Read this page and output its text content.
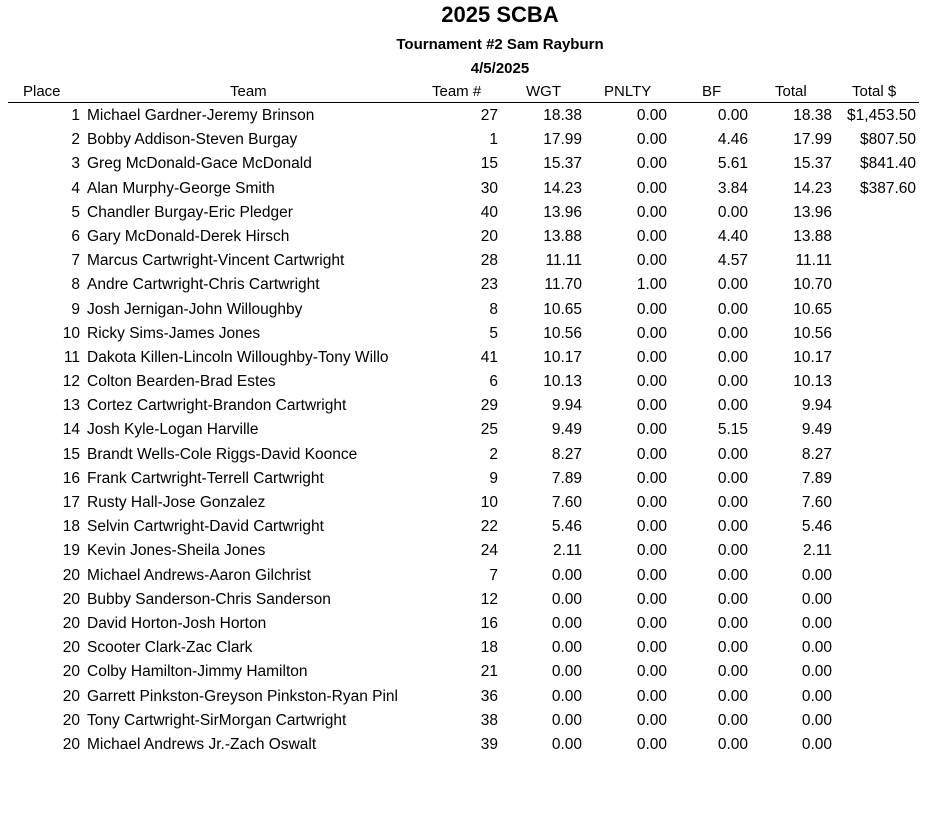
2025 SCBA
Tournament #2 Sam Rayburn
4/5/2025
Place	Team	Team #	WGT	PNLTY	BF	Total	Total $
1 Michael Gardner-Jeremy Brinson	27	18.38	0.00	0.00	18.38 $1,453.50
2 Bobby Addison-Steven Burgay	1	17.99	0.00	4.46	17.99	$807.50
3 Greg McDonald-Gace McDonald	15	15.37	0.00	5.61	15.37	$841.40
4 Alan Murphy-George Smith	30	14.23	0.00	3.84	14.23	$387.60
5 Chandler Burgay-Eric Pledger	40	13.96	0.00	0.00	13.96
6 Gary McDonald-Derek Hirsch	20	13.88	0.00	4.40	13.88
7 Marcus Cartwright-Vincent Cartwright	28	11.11	0.00	4.57	11.11
8 Andre Cartwright-Chris Cartwright	23	11.70	1.00	0.00	10.70
9 Josh Jernigan-John Willoughby	8	10.65	0.00	0.00	10.65
10 Ricky Sims-James Jones	5	10.56	0.00	0.00	10.56
11 Dakota Killen-Lincoln Willoughby-Tony Willo	41	10.17	0.00	0.00	10.17
12 Colton Bearden-Brad Estes	6	10.13	0.00	0.00	10.13
13 Cortez Cartwright-Brandon Cartwright	29	9.94	0.00	0.00	9.94
14 Josh Kyle-Logan Harville	25	9.49	0.00	5.15	9.49
15 Brandt Wells-Cole Riggs-David Koonce	2	8.27	0.00	0.00	8.27
16 Frank Cartwright-Terrell Cartwright	9	7.89	0.00	0.00	7.89
17 Rusty Hall-Jose Gonzalez	10	7.60	0.00	0.00	7.60
18 Selvin Cartwright-David Cartwright	22	5.46	0.00	0.00	5.46
19 Kevin Jones-Sheila Jones	24	2.11	0.00	0.00	2.11
20 Michael Andrews-Aaron Gilchrist	7	0.00	0.00	0.00	0.00
20 Bubby Sanderson-Chris Sanderson	12	0.00	0.00	0.00	0.00
20 David Horton-Josh Horton	16	0.00	0.00	0.00	0.00
20 Scooter Clark-Zac Clark	18	0.00	0.00	0.00	0.00
20 Colby Hamilton-Jimmy Hamilton	21	0.00	0.00	0.00	0.00
20 Garrett Pinkston-Greyson Pinkston-Ryan Pinl	36	0.00	0.00	0.00	0.00
20 Tony Cartwright-SirMorgan Cartwright	38	0.00	0.00	0.00	0.00
20 Michael Andrews Jr.-Zach Oswalt	39	0.00	0.00	0.00	0.00
